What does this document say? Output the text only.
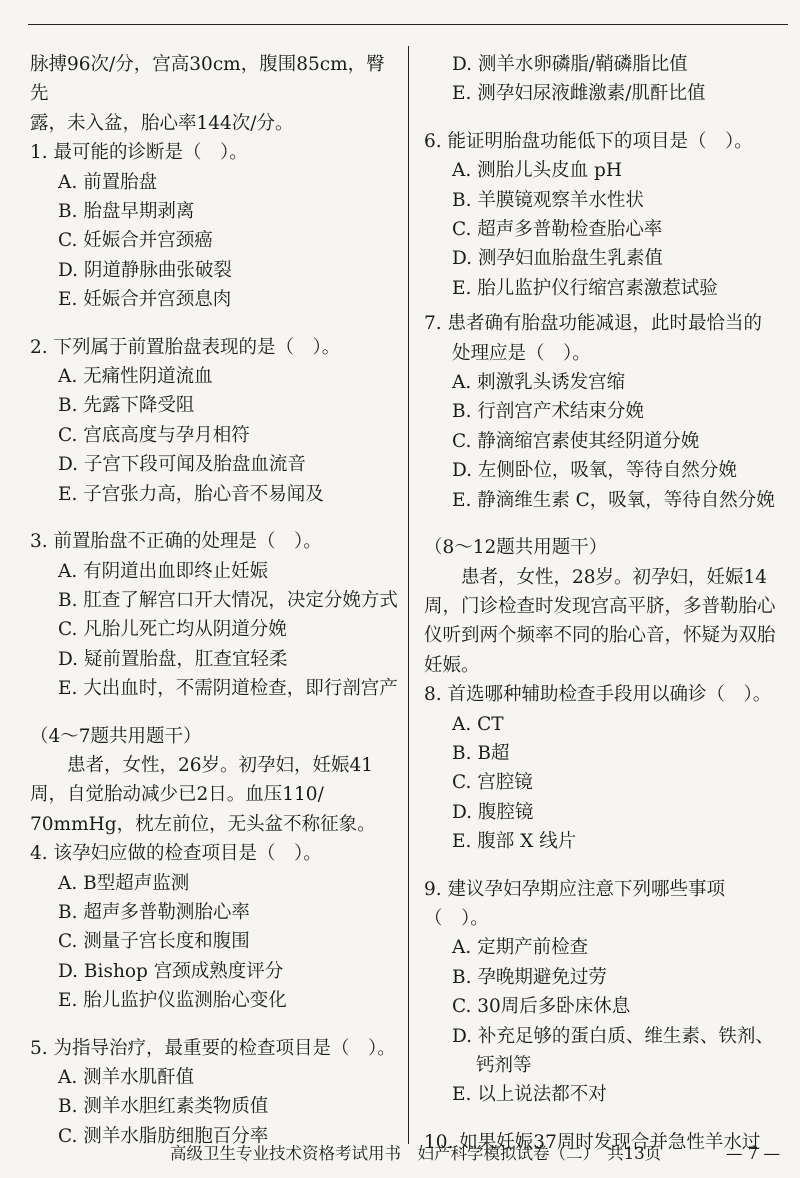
脉搏96次/分，宫高30cm，腹围85cm，臀先
露，未入盆，胎心率144次/分。
1. 最可能的诊断是（　）。
A. 前置胎盘
B. 胎盘早期剥离
C. 妊娠合并宫颈癌
D. 阴道静脉曲张破裂
E. 妊娠合并宫颈息肉
2. 下列属于前置胎盘表现的是（　）。
A. 无痛性阴道流血
B. 先露下降受阻
C. 宫底高度与孕月相符
D. 子宫下段可闻及胎盘血流音
E. 子宫张力高，胎心音不易闻及
3. 前置胎盘不正确的处理是（　）。
A. 有阴道出血即终止妊娠
B. 肛查了解宫口开大情况，决定分娩方式
C. 凡胎儿死亡均从阴道分娩
D. 疑前置胎盘，肛查宜轻柔
E. 大出血时，不需阴道检查，即行剖宫产
（4～7题共用题干）
患者，女性，26岁。初孕妇，妊娠41
周，自觉胎动减少已2日。血压110/
70mmHg，枕左前位，无头盆不称征象。
4. 该孕妇应做的检查项目是（　）。
A. B型超声监测
B. 超声多普勒测胎心率
C. 测量子宫长度和腹围
D. Bishop 宫颈成熟度评分
E. 胎儿监护仪监测胎心变化
5. 为指导治疗，最重要的检查项目是（　）。
A. 测羊水肌酐值
B. 测羊水胆红素类物质值
C. 测羊水脂肪细胞百分率
D. 测羊水卵磷脂/鞘磷脂比值
E. 测孕妇尿液雌激素/肌酐比值
6. 能证明胎盘功能低下的项目是（　）。
A. 测胎儿头皮血 pH
B. 羊膜镜观察羊水性状
C. 超声多普勒检查胎心率
D. 测孕妇血胎盘生乳素值
E. 胎儿监护仪行缩宫素激惹试验
7. 患者确有胎盘功能减退，此时最恰当的
处理应是（　）。
A. 刺激乳头诱发宫缩
B. 行剖宫产术结束分娩
C. 静滴缩宫素使其经阴道分娩
D. 左侧卧位，吸氧，等待自然分娩
E. 静滴维生素 C，吸氧，等待自然分娩
（8～12题共用题干）
患者，女性，28岁。初孕妇，妊娠14
周，门诊检查时发现宫高平脐，多普勒胎心
仪听到两个频率不同的胎心音，怀疑为双胎
妊娠。
8. 首选哪种辅助检查手段用以确诊（　）。
A. CT
B. B超
C. 宫腔镜
D. 腹腔镜
E. 腹部 X 线片
9. 建议孕妇孕期应注意下列哪些事项（　）。
A. 定期产前检查
B. 孕晚期避免过劳
C. 30周后多卧床休息
D. 补充足够的蛋白质、维生素、铁剂、
钙剂等
E. 以上说法都不对
10. 如果妊娠37周时发现合并急性羊水过
高级卫生专业技术资格考试用书　妇产科学模拟试卷（二）　共13页	— 7 —
